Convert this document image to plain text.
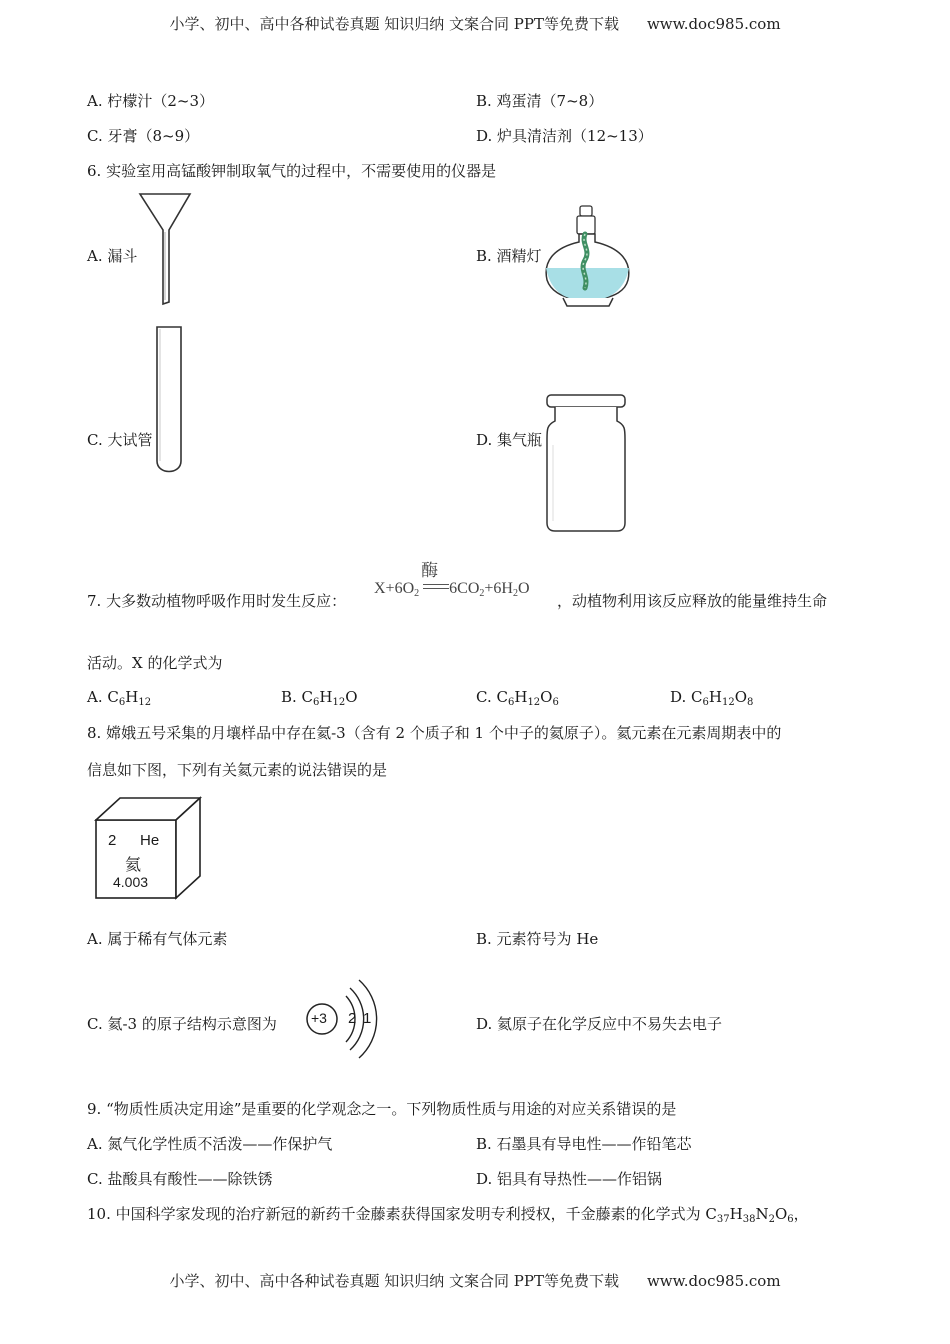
小学、初中、高中各种试卷真题 知识归纳 文案合同 PPT等免费下载 www.doc985.com
A. 柠檬汁（2~3）	B. 鸡蛋清（7~8）
C. 牙膏（8~9）	D. 炉具清洁剂（12~13）
6. 实验室用高锰酸钾制取氧气的过程中，不需要使用的仪器是
A. 漏斗	B. 酒精灯
C. 大试管	D. 集气瓶
7. 大多数动植物呼吸作用时发生反应：
$X+6O_2$
酶
$6CO_2+6H_2O$
，动植物利用该反应释放的能量维持生命
活动。X 的化学式为
A. $C_6H_{12}$	B. $C_6H_{12}O$	C. $C_6H_{12}O_6$	D. $C_6H_{12}O_8$
8. 嫦娥五号采集的月壤样品中存在氦-3（含有 2 个质子和 1 个中子的氦原子）。氦元素在元素周期表中的
信息如下图，下列有关氦元素的说法错误的是
2 He
氦
4.003
A. 属于稀有气体元素	B. 元素符号为 He
C. 氦-3 的原子结构示意图为 +3 2 1	D. 氦原子在化学反应中不易失去电子
9. “物质性质决定用途”是重要的化学观念之一。下列物质性质与用途的对应关系错误的是
A. 氮气化学性质不活泼——作保护气	B. 石墨具有导电性——作铅笔芯
C. 盐酸具有酸性——除铁锈	D. 铝具有导热性——作铝锅
10. 中国科学家发现的治疗新冠的新药千金藤素获得国家发明专利授权，千金藤素的化学式为 $C_{37}H_{38}N_2O_6$，
小学、初中、高中各种试卷真题 知识归纳 文案合同 PPT等免费下载 www.doc985.com
